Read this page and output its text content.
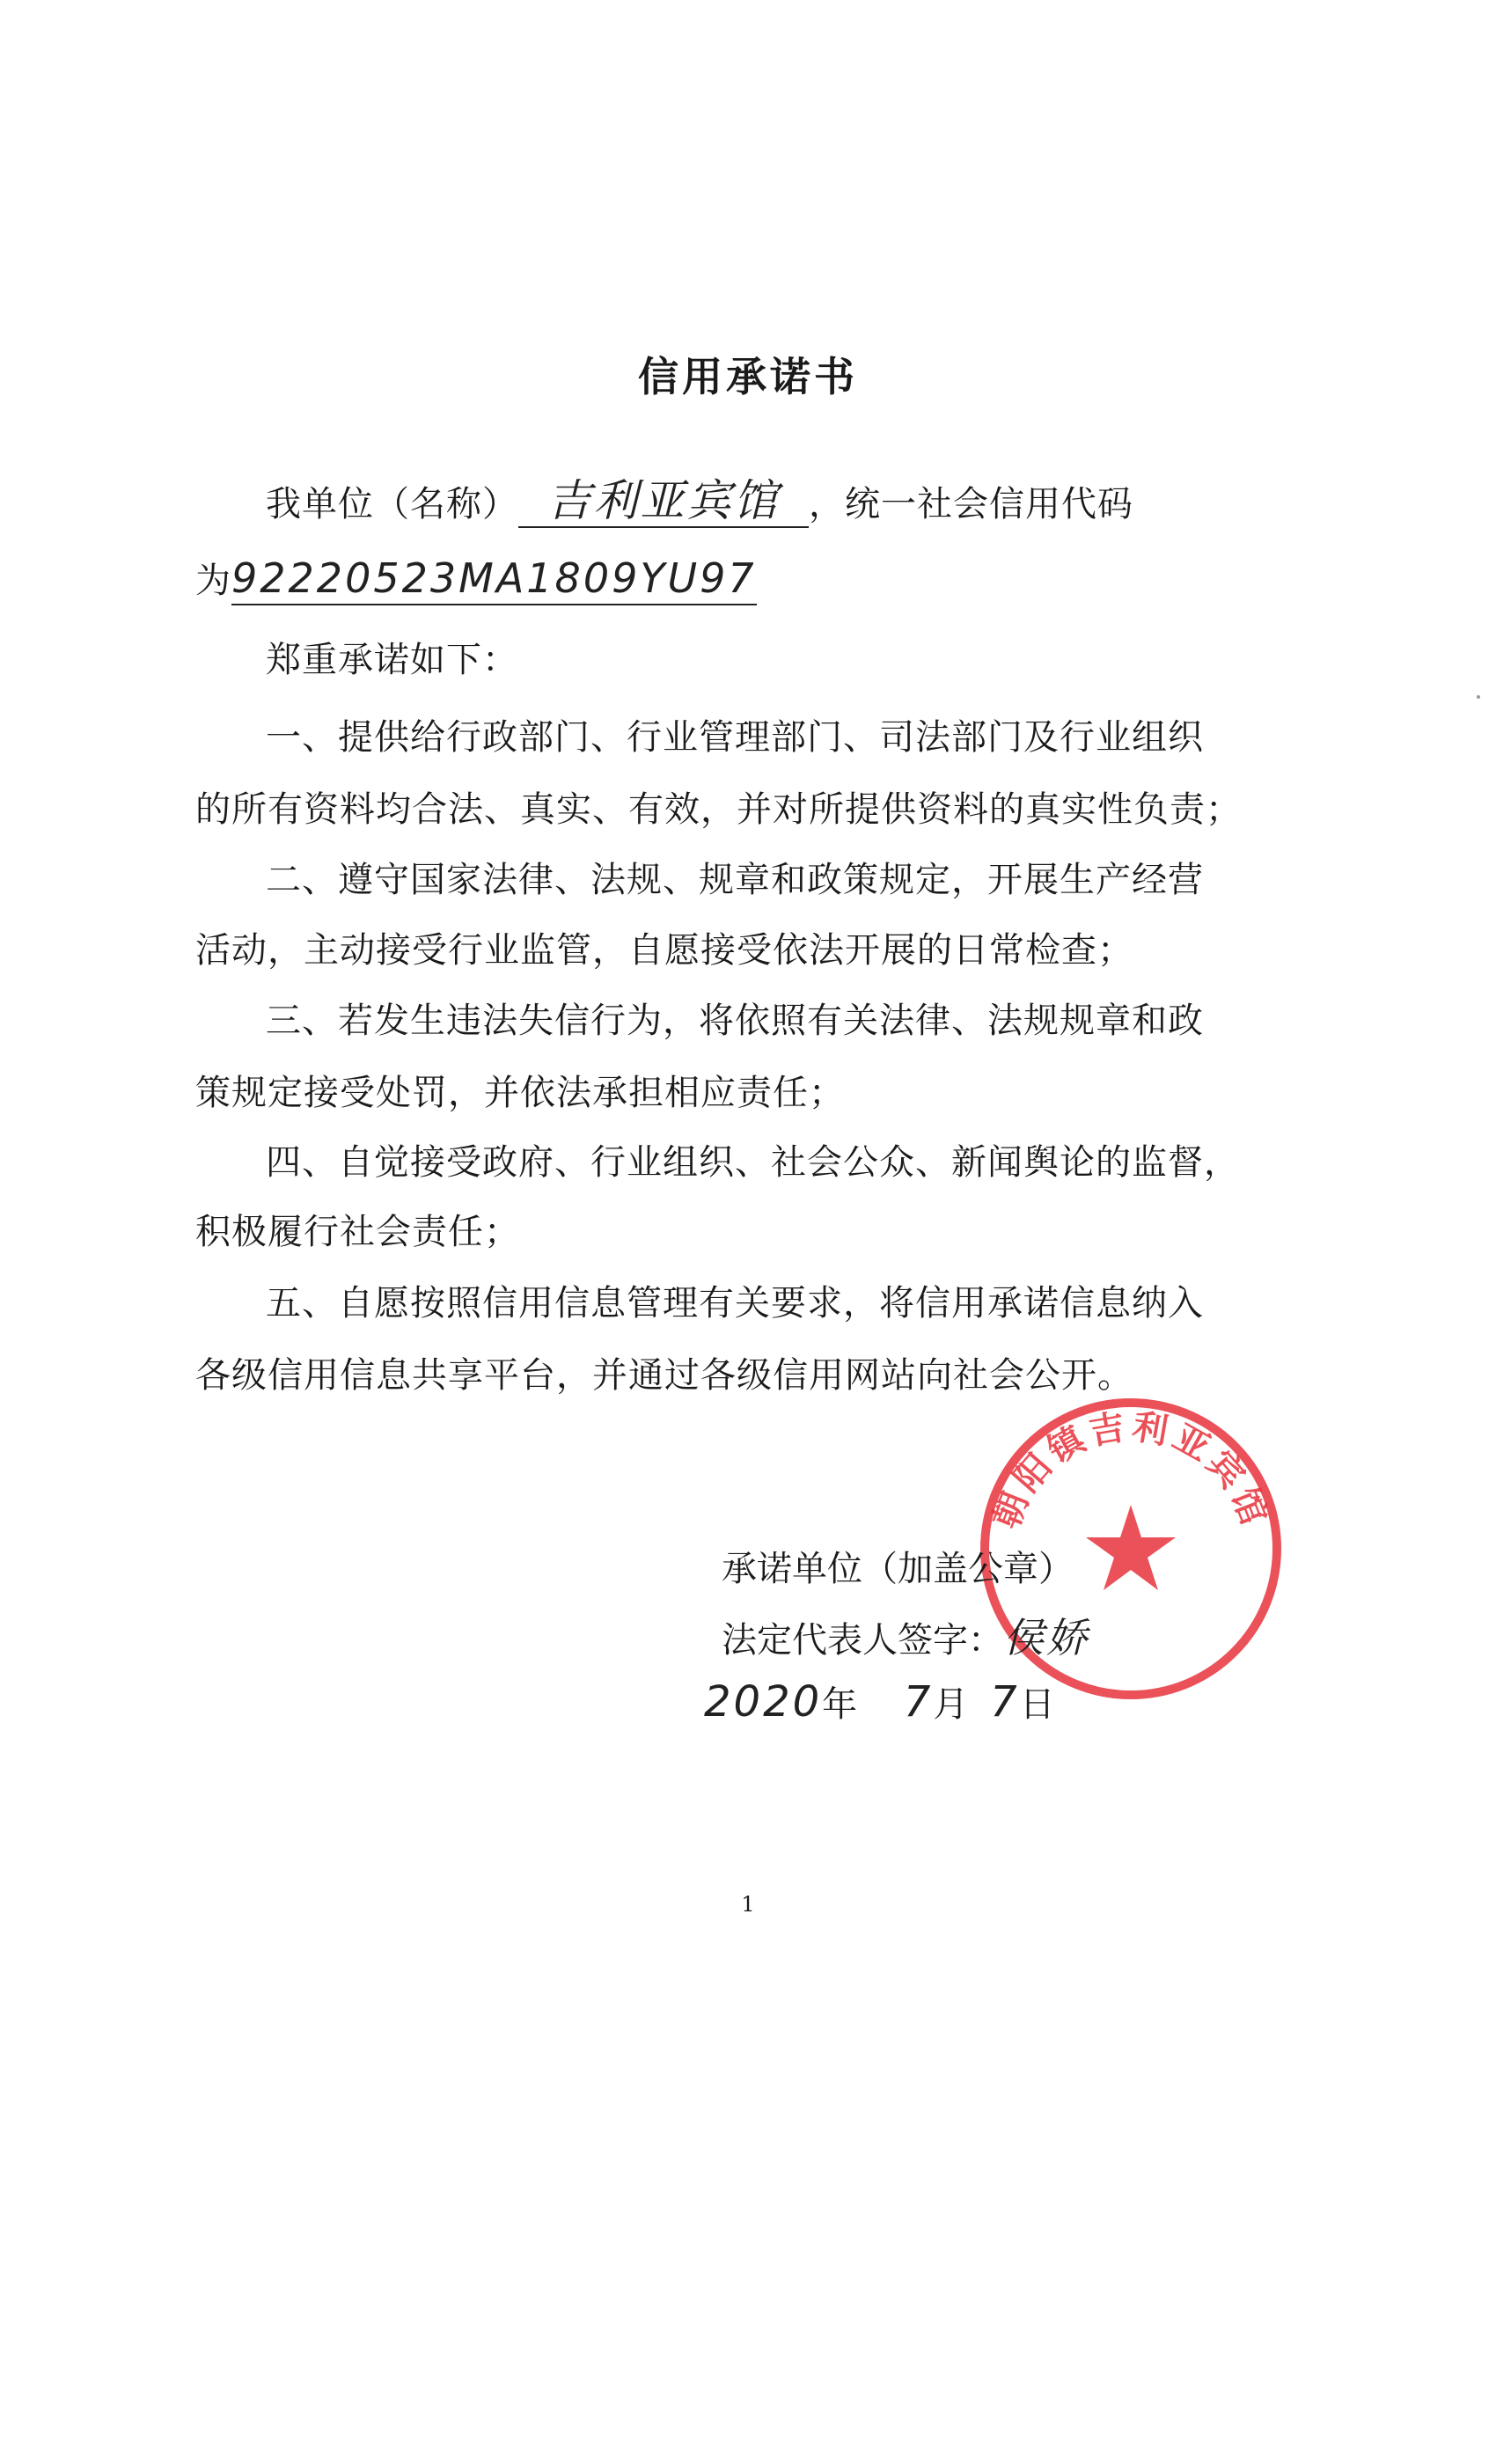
信用承诺书
我单位（名称） 吉利亚宾馆 ，统一社会信用代码
为92220523MA1809YU97
郑重承诺如下：
一、提供给行政部门、行业管理部门、司法部门及行业组织
的所有资料均合法、真实、有效，并对所提供资料的真实性负责；
二、遵守国家法律、法规、规章和政策规定，开展生产经营
活动，主动接受行业监管，自愿接受依法开展的日常检查；
三、若发生违法失信行为，将依照有关法律、法规规章和政
策规定接受处罚，并依法承担相应责任；
四、自觉接受政府、行业组织、社会公众、新闻舆论的监督，
积极履行社会责任；
五、自愿按照信用信息管理有关要求，将信用承诺信息纳入
各级信用信息共享平台，并通过各级信用网站向社会公开。
朝阳镇吉利亚宾馆
承诺单位（加盖公章）
法定代表人签字：侯娇
2020年 7月 7日
1
